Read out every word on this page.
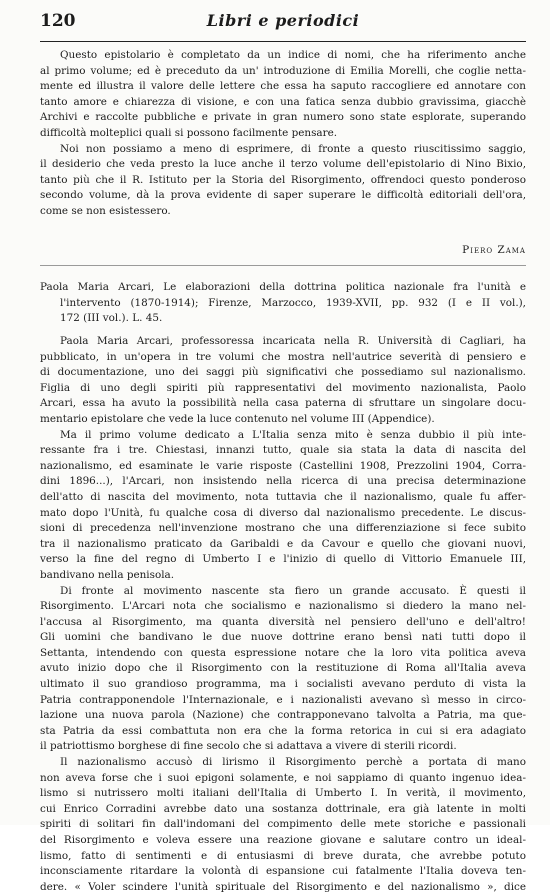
120	Libri e periodici
Questo epistolario è completato da un indice di nomi, che ha riferimento anche
al primo volume; ed è preceduto da un' introduzione di Emilia Morelli, che coglie netta-
mente ed illustra il valore delle lettere che essa ha saputo raccogliere ed annotare con
tanto amore e chiarezza di visione, e con una fatica senza dubbio gravissima, giacchè
Archivi e raccolte pubbliche e private in gran numero sono state esplorate, superando
difficoltà molteplici quali si possono facilmente pensare.
Noi non possiamo a meno di esprimere, di fronte a questo riuscitissimo saggio,
il desiderio che veda presto la luce anche il terzo volume dell'epistolario di Nino Bixio,
tanto più che il R. Istituto per la Storia del Risorgimento, offrendoci questo ponderoso
secondo volume, dà la prova evidente di saper superare le difficoltà editoriali dell'ora,
come se non esistessero.
Piero Zama
Paola Maria Arcari, Le elaborazioni della dottrina politica nazionale fra l'unità e
l'intervento (1870-1914); Firenze, Marzocco, 1939-XVII, pp. 932 (I e II vol.),
172 (III vol.). L. 45.
Paola Maria Arcari, professoressa incaricata nella R. Università di Cagliari, ha
pubblicato, in un'opera in tre volumi che mostra nell'autrice severità di pensiero e
di documentazione, uno dei saggi più significativi che possediamo sul nazionalismo.
Figlia di uno degli spiriti più rappresentativi del movimento nazionalista, Paolo
Arcari, essa ha avuto la possibilità nella casa paterna di sfruttare un singolare docu-
mentario epistolare che vede la luce contenuto nel volume III (Appendice).
Ma il primo volume dedicato a L'Italia senza mito è senza dubbio il più inte-
ressante fra i tre. Chiestasi, innanzi tutto, quale sia stata la data di nascita del
nazionalismo, ed esaminate le varie risposte (Castellini 1908, Prezzolini 1904, Corra-
dini 1896...), l'Arcari, non insistendo nella ricerca di una precisa determinazione
dell'atto di nascita del movimento, nota tuttavia che il nazionalismo, quale fu affer-
mato dopo l'Unità, fu qualche cosa di diverso dal nazionalismo precedente. Le discus-
sioni di precedenza nell'invenzione mostrano che una differenziazione si fece subito
tra il nazionalismo praticato da Garibaldi e da Cavour e quello che giovani nuovi,
verso la fine del regno di Umberto I e l'inizio di quello di Vittorio Emanuele III,
bandivano nella penisola.
Di fronte al movimento nascente sta fiero un grande accusato. È questi il
Risorgimento. L'Arcari nota che socialismo e nazionalismo si diedero la mano nel-
l'accusa al Risorgimento, ma quanta diversità nel pensiero dell'uno e dell'altro!
Gli uomini che bandivano le due nuove dottrine erano bensì nati tutti dopo il
Settanta, intendendo con questa espressione notare che la loro vita politica aveva
avuto inizio dopo che il Risorgimento con la restituzione di Roma all'Italia aveva
ultimato il suo grandioso programma, ma i socialisti avevano perduto di vista la
Patria contrapponendole l'Internazionale, e i nazionalisti avevano sì messo in circo-
lazione una nuova parola (Nazione) che contrapponevano talvolta a Patria, ma que-
sta Patria da essi combattuta non era che la forma retorica in cui si era adagiato
il patriottismo borghese di fine secolo che si adattava a vivere di sterili ricordi.
Il nazionalismo accusò di lirismo il Risorgimento perchè a portata di mano
non aveva forse che i suoi epigoni solamente, e noi sappiamo di quanto ingenuo idea-
lismo si nutrissero molti italiani dell'Italia di Umberto I. In verità, il movimento,
cui Enrico Corradini avrebbe dato una sostanza dottrinale, era già latente in molti
spiriti di solitari fin dall'indomani del compimento delle mete storiche e passionali
del Risorgimento e voleva essere una reazione giovane e salutare contro un ideal-
lismo, fatto di sentimenti e di entusiasmi di breve durata, che avrebbe potuto
inconsciamente ritardare la volontà di espansione cui fatalmente l'Italia doveva ten-
dere. « Voler scindere l'unità spirituale del Risorgimento e del nazionalismo », dice
